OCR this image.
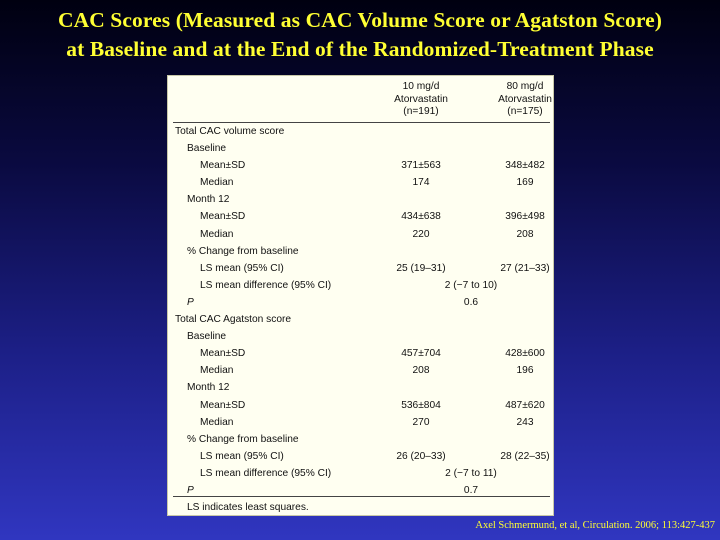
CAC Scores (Measured as CAC Volume Score or Agatston Score)
at Baseline and at the End of the Randomized-Treatment Phase
10 mg/d
Atorvastatin
(n=191)
80 mg/d
Atorvastatin
(n=175)
Total CAC volume score
Baseline
Mean±SD	371±563	348±482
Median	174	169
Month 12
Mean±SD	434±638	396±498
Median	220	208
% Change from baseline
LS mean (95% CI)	25 (19–31)	27 (21–33)
LS mean difference (95% CI)	2 (−7 to 10)
P	0.6
Total CAC Agatston score
Baseline
Mean±SD	457±704	428±600
Median	208	196
Month 12
Mean±SD	536±804	487±620
Median	270	243
% Change from baseline
LS mean (95% CI)	26 (20–33)	28 (22–35)
LS mean difference (95% CI)	2 (−7 to 11)
P	0.7
LS indicates least squares.
Axel Schmermund, et al, Circulation. 2006; 113:427-437
